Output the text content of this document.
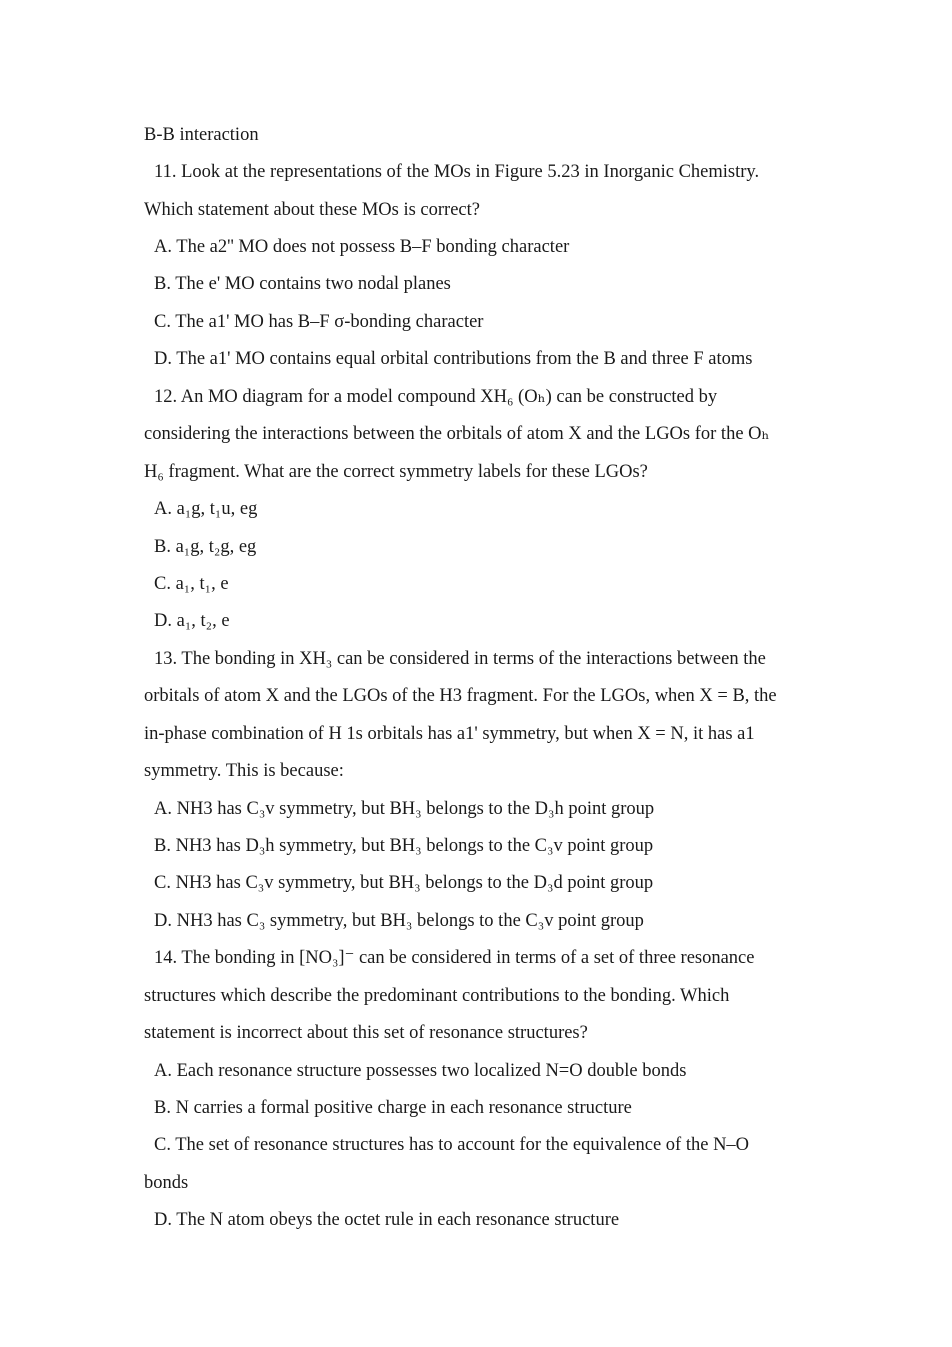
B-B interaction
11. Look at the representations of the MOs in Figure 5.23 in Inorganic Chemistry.
Which statement about these MOs is correct?
A. The a2'' MO does not possess B–F bonding character
B. The e' MO contains two nodal planes
C. The a1' MO has B–F σ-bonding character
D. The a1' MO contains equal orbital contributions from the B and three F atoms
12. An MO diagram for a model compound XH₆ (Oₕ) can be constructed by
considering the interactions between the orbitals of atom X and the LGOs for the Oₕ
H₆ fragment. What are the correct symmetry labels for these LGOs?
A. a₁g, t₁u, eg
B. a₁g, t₂g, eg
C. a₁, t₁, e
D. a₁, t₂, e
13. The bonding in XH₃ can be considered in terms of the interactions between the
orbitals of atom X and the LGOs of the H3 fragment. For the LGOs, when X = B, the
in-phase combination of H 1s orbitals has a1' symmetry, but when X = N, it has a1
symmetry. This is because:
A. NH3 has C₃v symmetry, but BH₃ belongs to the D₃h point group
B. NH3 has D₃h symmetry, but BH₃ belongs to the C₃v point group
C. NH3 has C₃v symmetry, but BH₃ belongs to the D₃d point group
D. NH3 has C₃ symmetry, but BH₃ belongs to the C₃v point group
14. The bonding in [NO₃]⁻ can be considered in terms of a set of three resonance
structures which describe the predominant contributions to the bonding. Which
statement is incorrect about this set of resonance structures?
A. Each resonance structure possesses two localized N=O double bonds
B. N carries a formal positive charge in each resonance structure
C. The set of resonance structures has to account for the equivalence of the N–O
bonds
D. The N atom obeys the octet rule in each resonance structure
